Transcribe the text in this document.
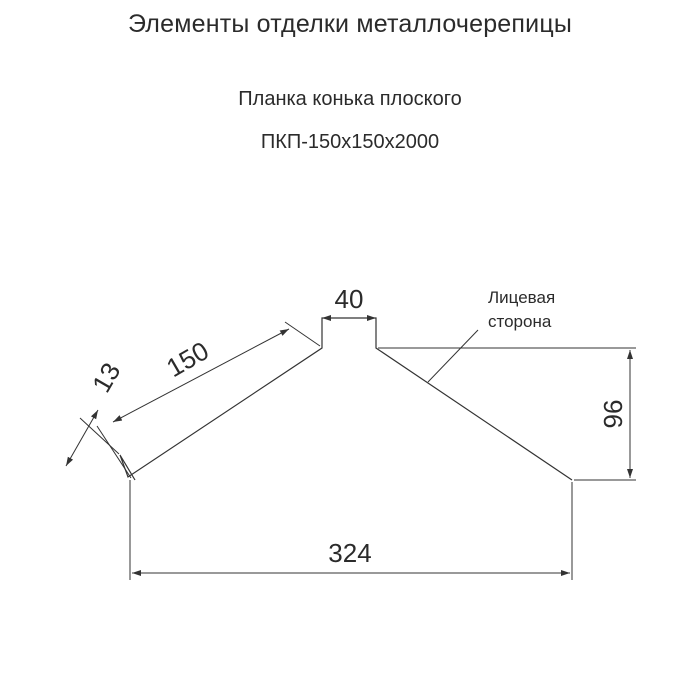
Элементы отделки металлочерепицы
Планка конька плоского
ПКП-150х150х2000
40
150
13
96
324
Лицевая
сторона
